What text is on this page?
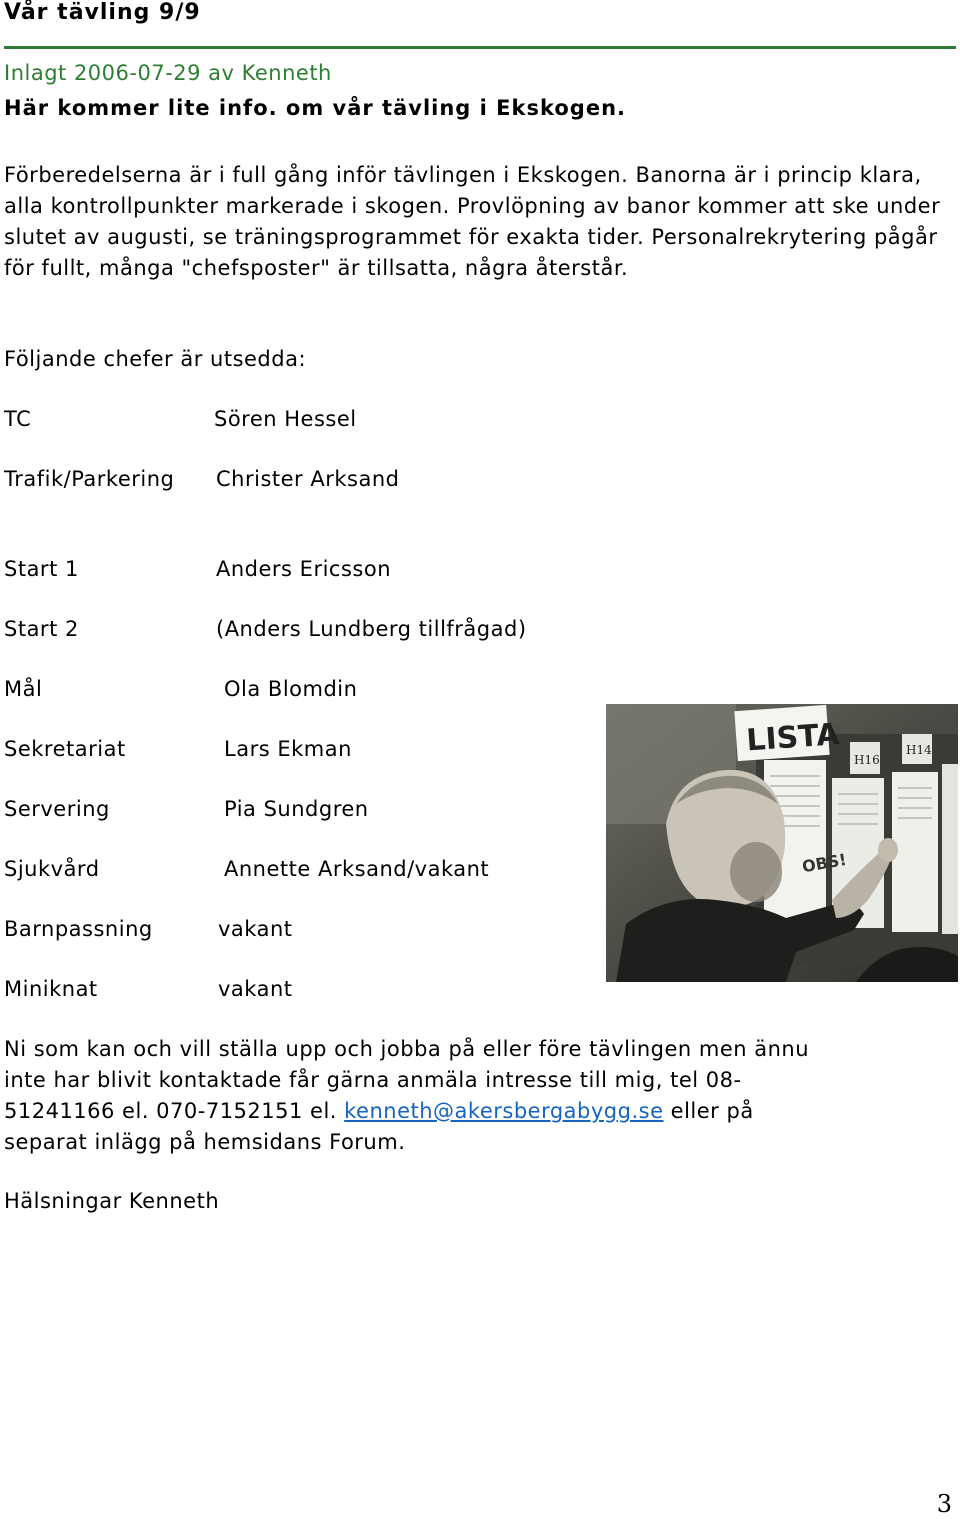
Vår tävling 9/9
Inlagt 2006-07-29 av Kenneth
Här kommer lite info. om vår tävling i Ekskogen.

Förberedelserna är i full gång inför tävlingen i Ekskogen. Banorna är i princip klara, alla kontrollpunkter markerade i skogen. Provlöpning av banor kommer att ske under slutet av augusti, se träningsprogrammet för exakta tider. Personalrekrytering pågår för fullt, många "chefsposter" är tillsatta, några återstår.

Följande chefer är utsedda:

TC	Sören Hessel
Trafik/Parkering Christer Arksand
Start 1	Anders Ericsson
Start 2	(Anders Lundberg tillfrågad)
Mål	Ola Blomdin
Sekretariat	Lars Ekman
Servering	Pia Sundgren
Sjukvård	Annette Arksand/vakant
Barnpassning	vakant
Miniknat	vakant
LISTA
H16
H14
OBS!
Ni som kan och vill ställa upp och jobba på eller före tävlingen men ännu
inte har blivit kontaktade får gärna anmäla intresse till mig, tel 08-
51241166 el. 070-7152151 el. kenneth@akersbergabygg.se eller på
separat inlägg på hemsidans Forum.

Hälsningar Kenneth

3
